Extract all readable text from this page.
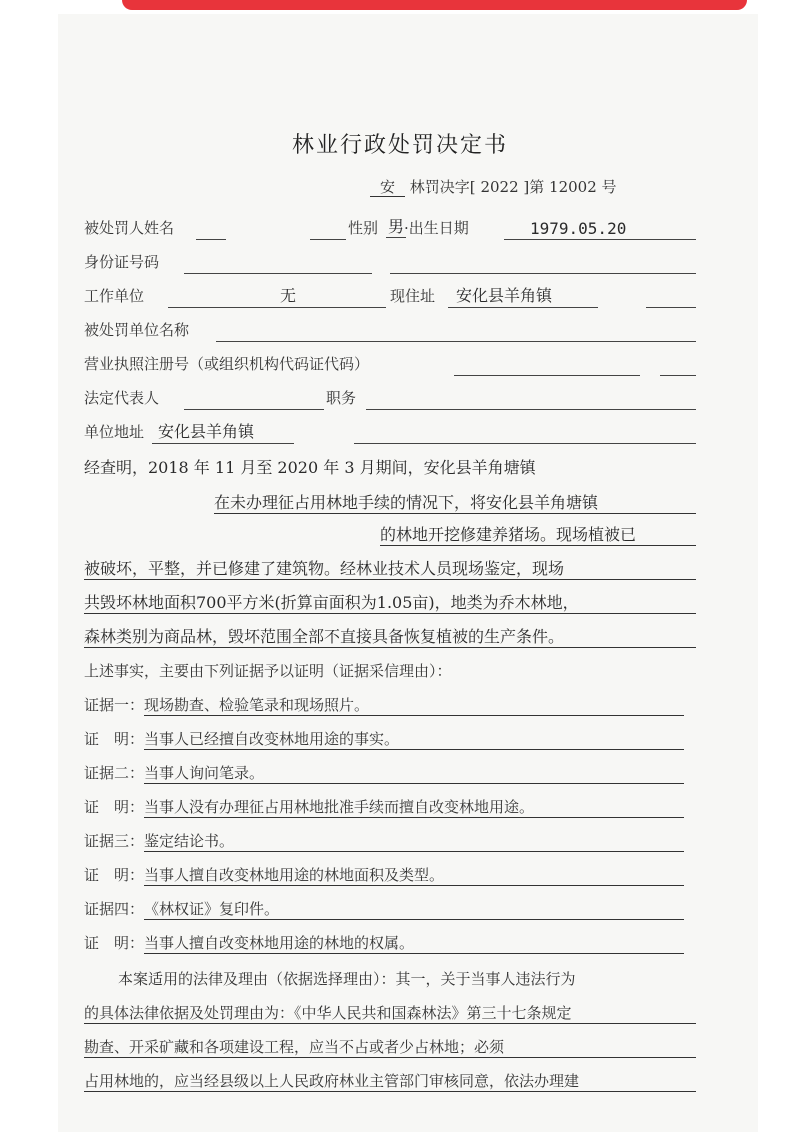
林业行政处罚决定书
安 林罚决字[ 2022 ]第 12002 号
被处罚人姓名	性别 男 ·出生日期	1979.05.20
身份证号码
工作单位	无	现住址 安化县羊角镇
被处罚单位名称
营业执照注册号（或组织机构代码证代码）
法定代表人	职务
单位地址 安化县羊角镇
经查明，2018 年 11 月至 2020 年 3 月期间，安化县羊角塘镇
在未办理征占用林地手续的情况下，将安化县羊角塘镇
的林地开挖修建养猪场。现场植被已
被破坏，平整，并已修建了建筑物。经林业技术人员现场鉴定，现场
共毁坏林地面积700平方米(折算亩面积为1.05亩)，地类为乔木林地，
森林类别为商品林，毁坏范围全部不直接具备恢复植被的生产条件。
上述事实，主要由下列证据予以证明（证据采信理由）：
证据一：现场勘查、检验笔录和现场照片。
证　明：当事人已经擅自改变林地用途的事实。
证据二：当事人询问笔录。
证　明：当事人没有办理征占用林地批准手续而擅自改变林地用途。
证据三：鉴定结论书。
证　明：当事人擅自改变林地用途的林地面积及类型。
证据四：《林权证》复印件。
证　明：当事人擅自改变林地用途的林地的权属。
本案适用的法律及理由（依据选择理由）：其一，关于当事人违法行为
的具体法律依据及处罚理由为：《中华人民共和国森林法》第三十七条规定
勘查、开采矿藏和各项建设工程，应当不占或者少占林地；必须
占用林地的，应当经县级以上人民政府林业主管部门审核同意，依法办理建
